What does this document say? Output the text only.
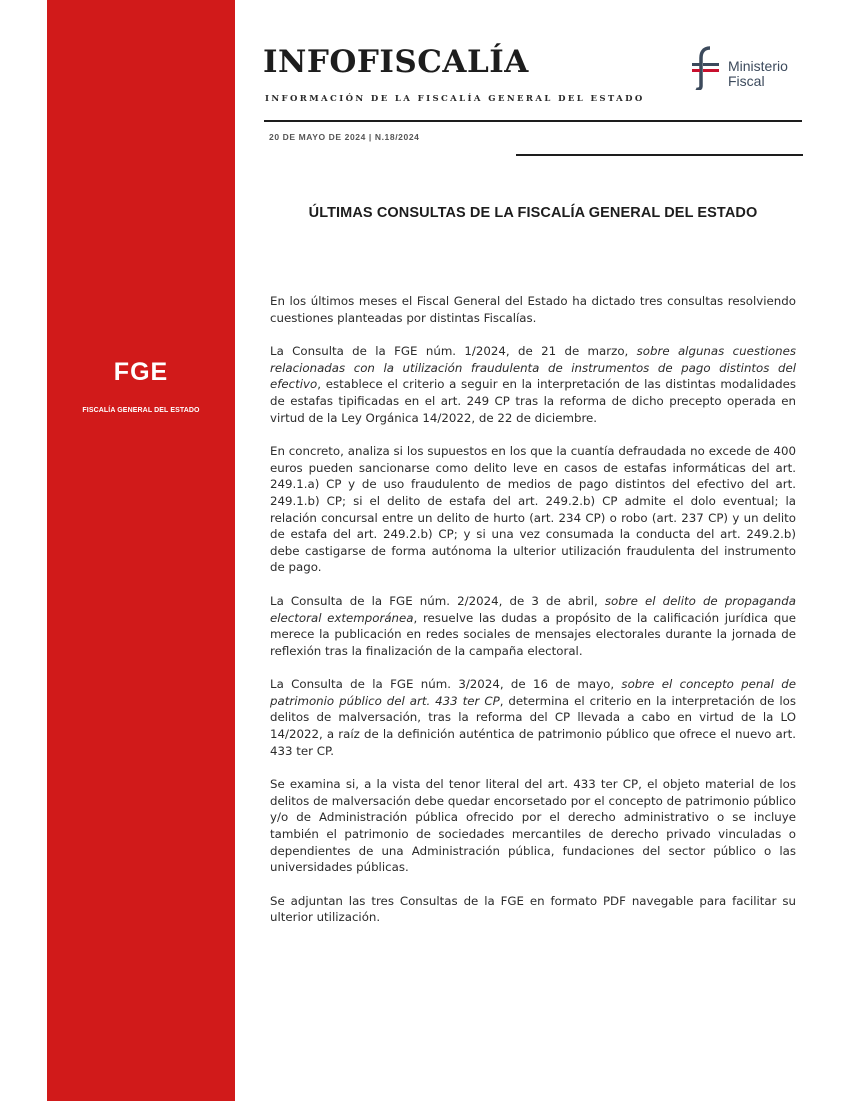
FGE
FISCALÍA GENERAL DEL ESTADO
INFOFISCALÍA
INFORMACIÓN DE LA FISCALÍA GENERAL DEL ESTADO
Ministerio
Fiscal
20 DE MAYO DE 2024 | N.18/2024
ÚLTIMAS CONSULTAS DE LA FISCALÍA GENERAL DEL ESTADO

En los últimos meses el Fiscal General del Estado ha dictado tres consultas resolviendo cuestiones planteadas por distintas Fiscalías.

La Consulta de la FGE núm. 1/2024, de 21 de marzo, sobre algunas cuestiones relacionadas con la utilización fraudulenta de instrumentos de pago distintos del efectivo, establece el criterio a seguir en la interpretación de las distintas modalidades de estafas tipificadas en el art. 249 CP tras la reforma de dicho precepto operada en virtud de la Ley Orgánica 14/2022, de 22 de diciembre.

En concreto, analiza si los supuestos en los que la cuantía defraudada no excede de 400 euros pueden sancionarse como delito leve en casos de estafas informáticas del art. 249.1.a) CP y de uso fraudulento de medios de pago distintos del efectivo del art. 249.1.b) CP; si el delito de estafa del art. 249.2.b) CP admite el dolo eventual; la relación concursal entre un delito de hurto (art. 234 CP) o robo (art. 237 CP) y un delito de estafa del art. 249.2.b) CP; y si una vez consumada la conducta del art. 249.2.b) debe castigarse de forma autónoma la ulterior utilización fraudulenta del instrumento de pago.

La Consulta de la FGE núm. 2/2024, de 3 de abril, sobre el delito de propaganda electoral extemporánea, resuelve las dudas a propósito de la calificación jurídica que merece la publicación en redes sociales de mensajes electorales durante la jornada de reflexión tras la finalización de la campaña electoral.

La Consulta de la FGE núm. 3/2024, de 16 de mayo, sobre el concepto penal de patrimonio público del art. 433 ter CP, determina el criterio en la interpretación de los delitos de malversación, tras la reforma del CP llevada a cabo en virtud de la LO 14/2022, a raíz de la definición auténtica de patrimonio público que ofrece el nuevo art. 433 ter CP.

Se examina si, a la vista del tenor literal del art. 433 ter CP, el objeto material de los delitos de malversación debe quedar encorsetado por el concepto de patrimonio público y/o de Administración pública ofrecido por el derecho administrativo o se incluye también el patrimonio de sociedades mercantiles de derecho privado vinculadas o dependientes de una Administración pública, fundaciones del sector público o las universidades públicas.

Se adjuntan las tres Consultas de la FGE en formato PDF navegable para facilitar su ulterior utilización.
